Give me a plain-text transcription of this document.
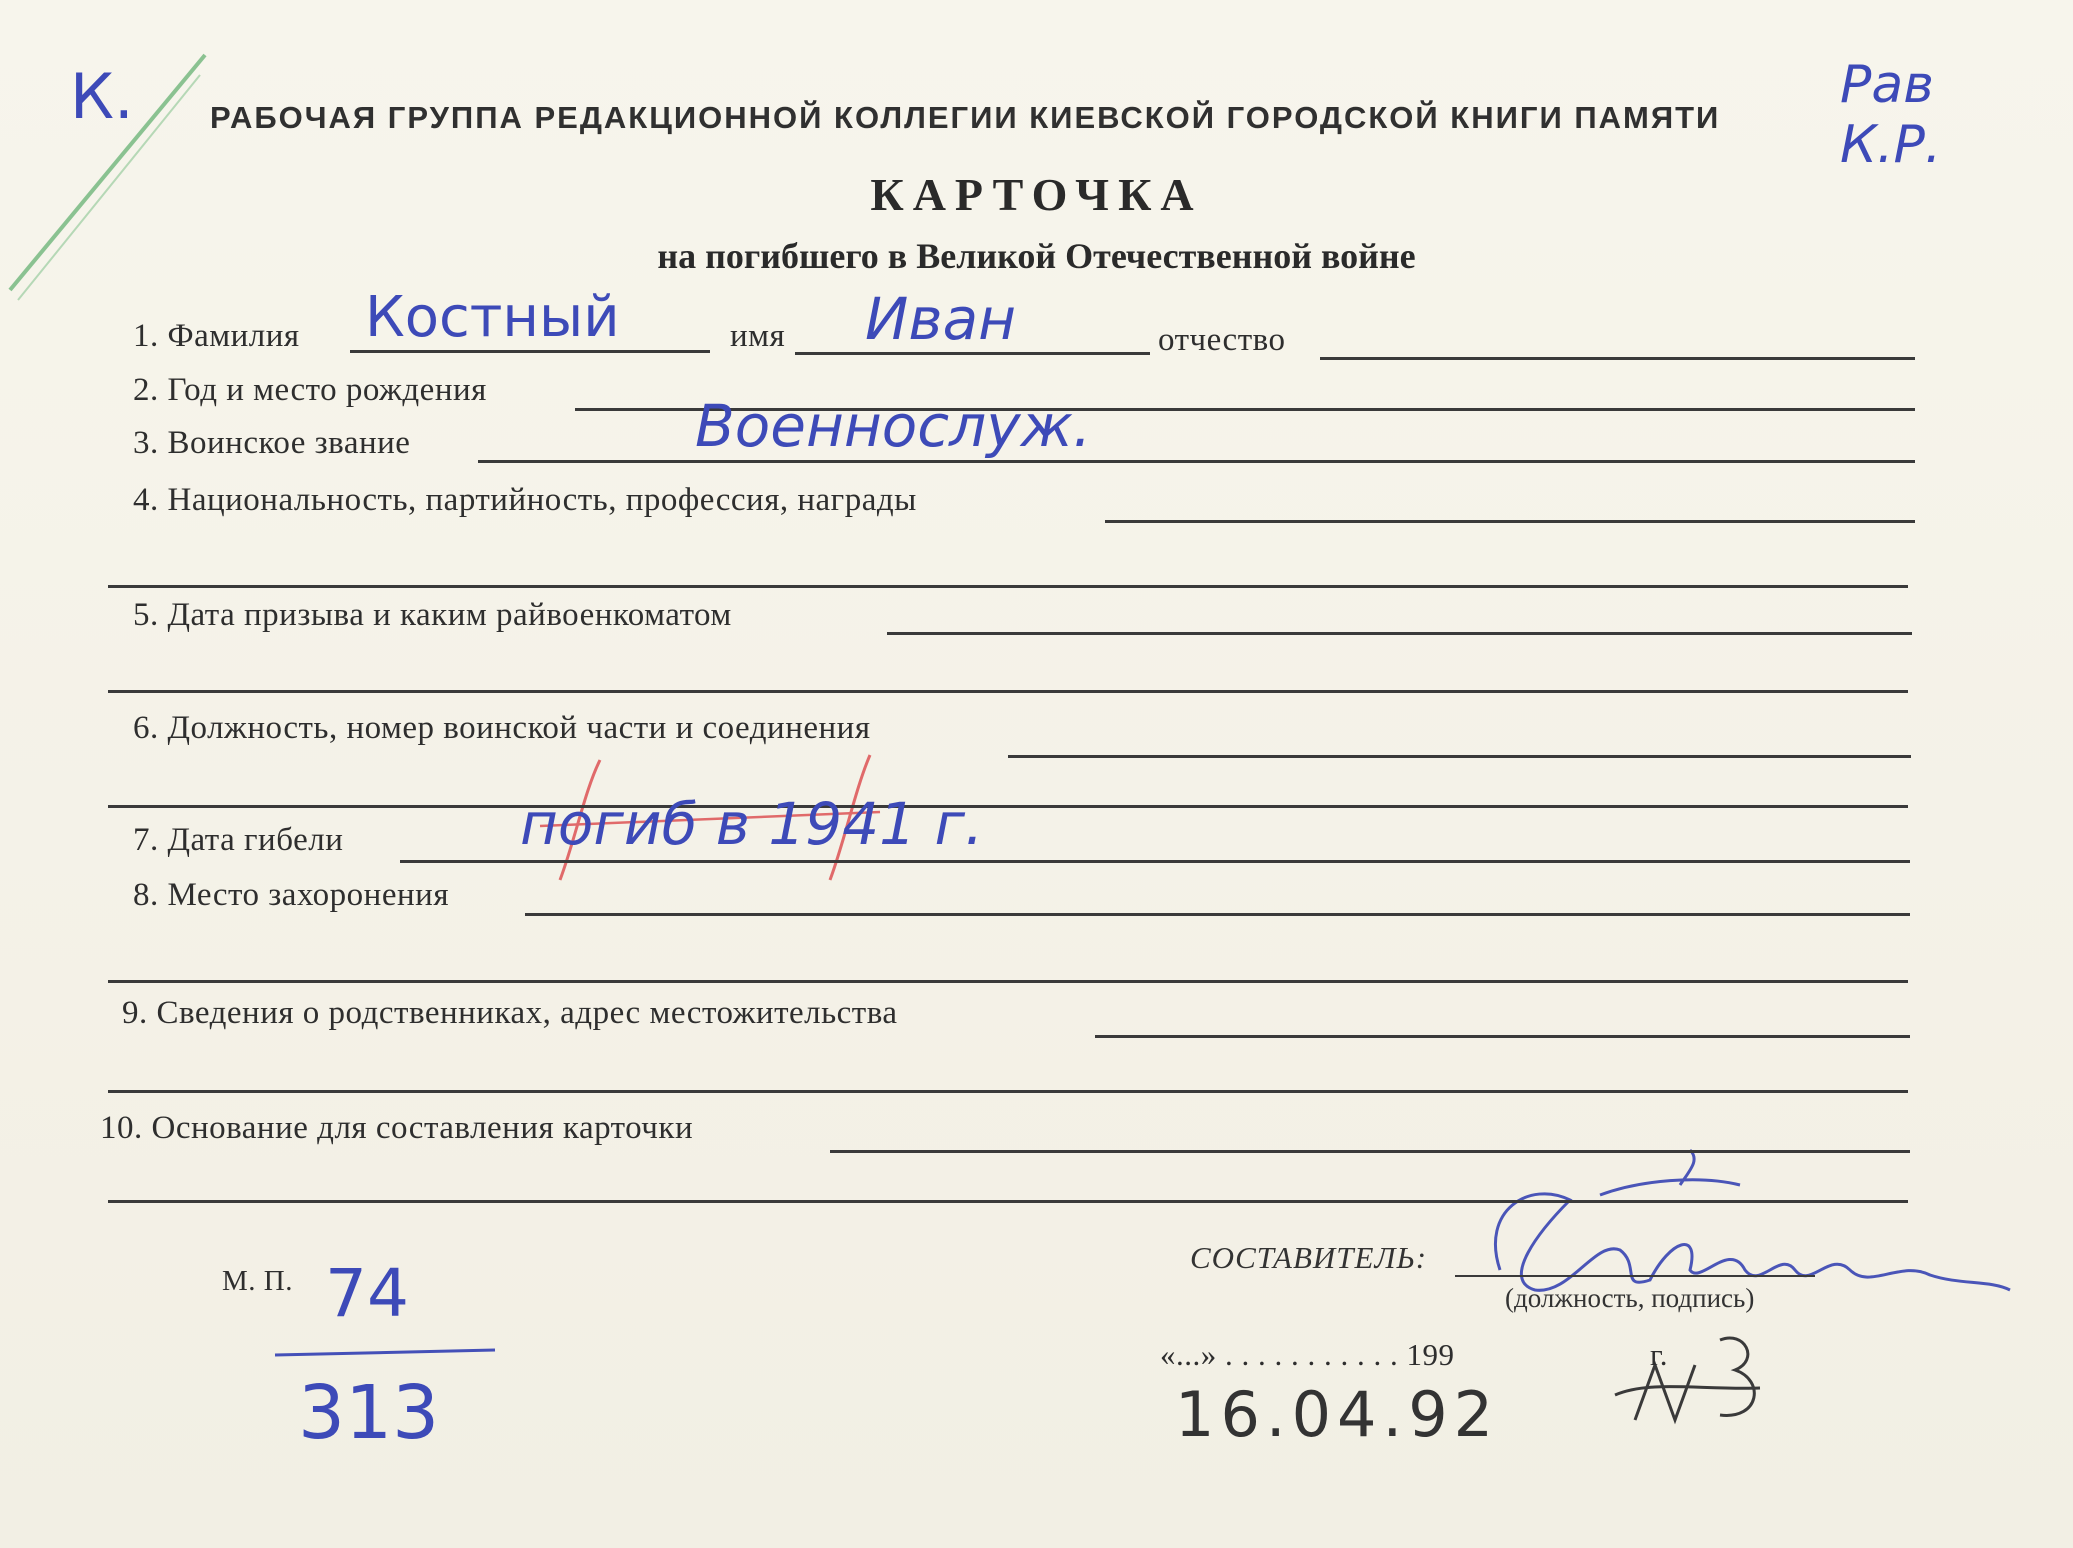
К.	Рав
К.Р.
РАБОЧАЯ ГРУППА РЕДАКЦИОННОЙ КОЛЛЕГИИ КИЕВСКОЙ ГОРОДСКОЙ КНИГИ ПАМЯТИ
КАРТОЧКА
на погибшего в Великой Отечественной войне
1. Фамилия Костный	имя Иван	отчество
2. Год и место рождения
3. Воинское звание	Военнослуж.
4. Национальность, партийность, профессия, награды
5. Дата призыва и каким райвоенкоматом
6. Должность, номер воинской части и соединения
7. Дата гибели	погиб в 1941 г.
8. Место захоронения
9. Сведения о родственниках, адрес местожительства
10. Основание для составления карточки
М. П. 74
313
СОСТАВИТЕЛЬ:
(должность, подпись)
«...» . . . . . . . . . . . 199	г.
16.04.92
